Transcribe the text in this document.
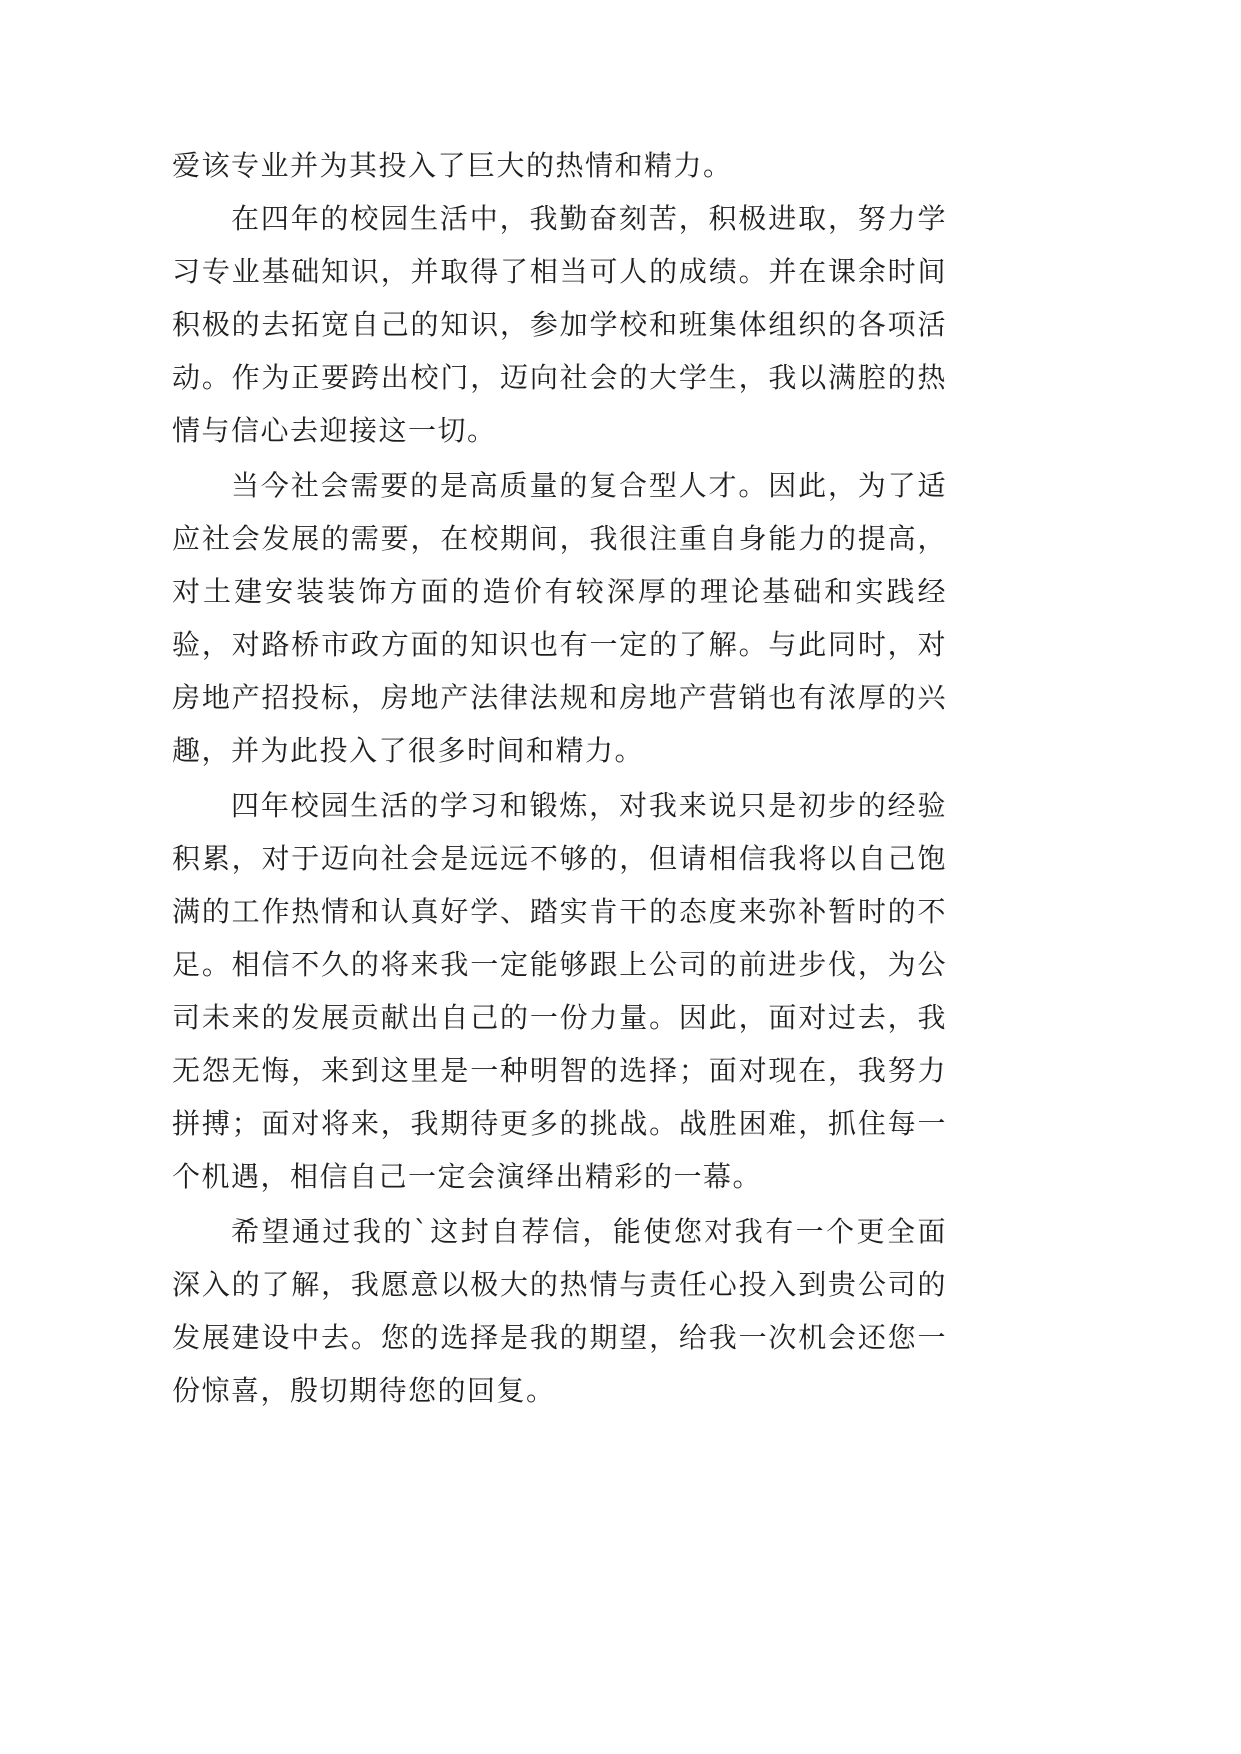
爱该专业并为其投入了巨大的热情和精力。
在四年的校园生活中，我勤奋刻苦，积极进取，努力学
习专业基础知识，并取得了相当可人的成绩。并在课余时间
积极的去拓宽自己的知识，参加学校和班集体组织的各项活
动。作为正要跨出校门，迈向社会的大学生，我以满腔的热
情与信心去迎接这一切。
当今社会需要的是高质量的复合型人才。因此，为了适
应社会发展的需要，在校期间，我很注重自身能力的提高，
对土建安装装饰方面的造价有较深厚的理论基础和实践经
验，对路桥市政方面的知识也有一定的了解。与此同时，对
房地产招投标，房地产法律法规和房地产营销也有浓厚的兴
趣，并为此投入了很多时间和精力。
四年校园生活的学习和锻炼，对我来说只是初步的经验
积累，对于迈向社会是远远不够的，但请相信我将以自己饱
满的工作热情和认真好学、踏实肯干的态度来弥补暂时的不
足。相信不久的将来我一定能够跟上公司的前进步伐，为公
司未来的发展贡献出自己的一份力量。因此，面对过去，我
无怨无悔，来到这里是一种明智的选择；面对现在，我努力
拼搏；面对将来，我期待更多的挑战。战胜困难，抓住每一
个机遇，相信自己一定会演绎出精彩的一幕。
希望通过我的`这封自荐信，能使您对我有一个更全面
深入的了解，我愿意以极大的热情与责任心投入到贵公司的
发展建设中去。您的选择是我的期望，给我一次机会还您一
份惊喜，殷切期待您的回复。
